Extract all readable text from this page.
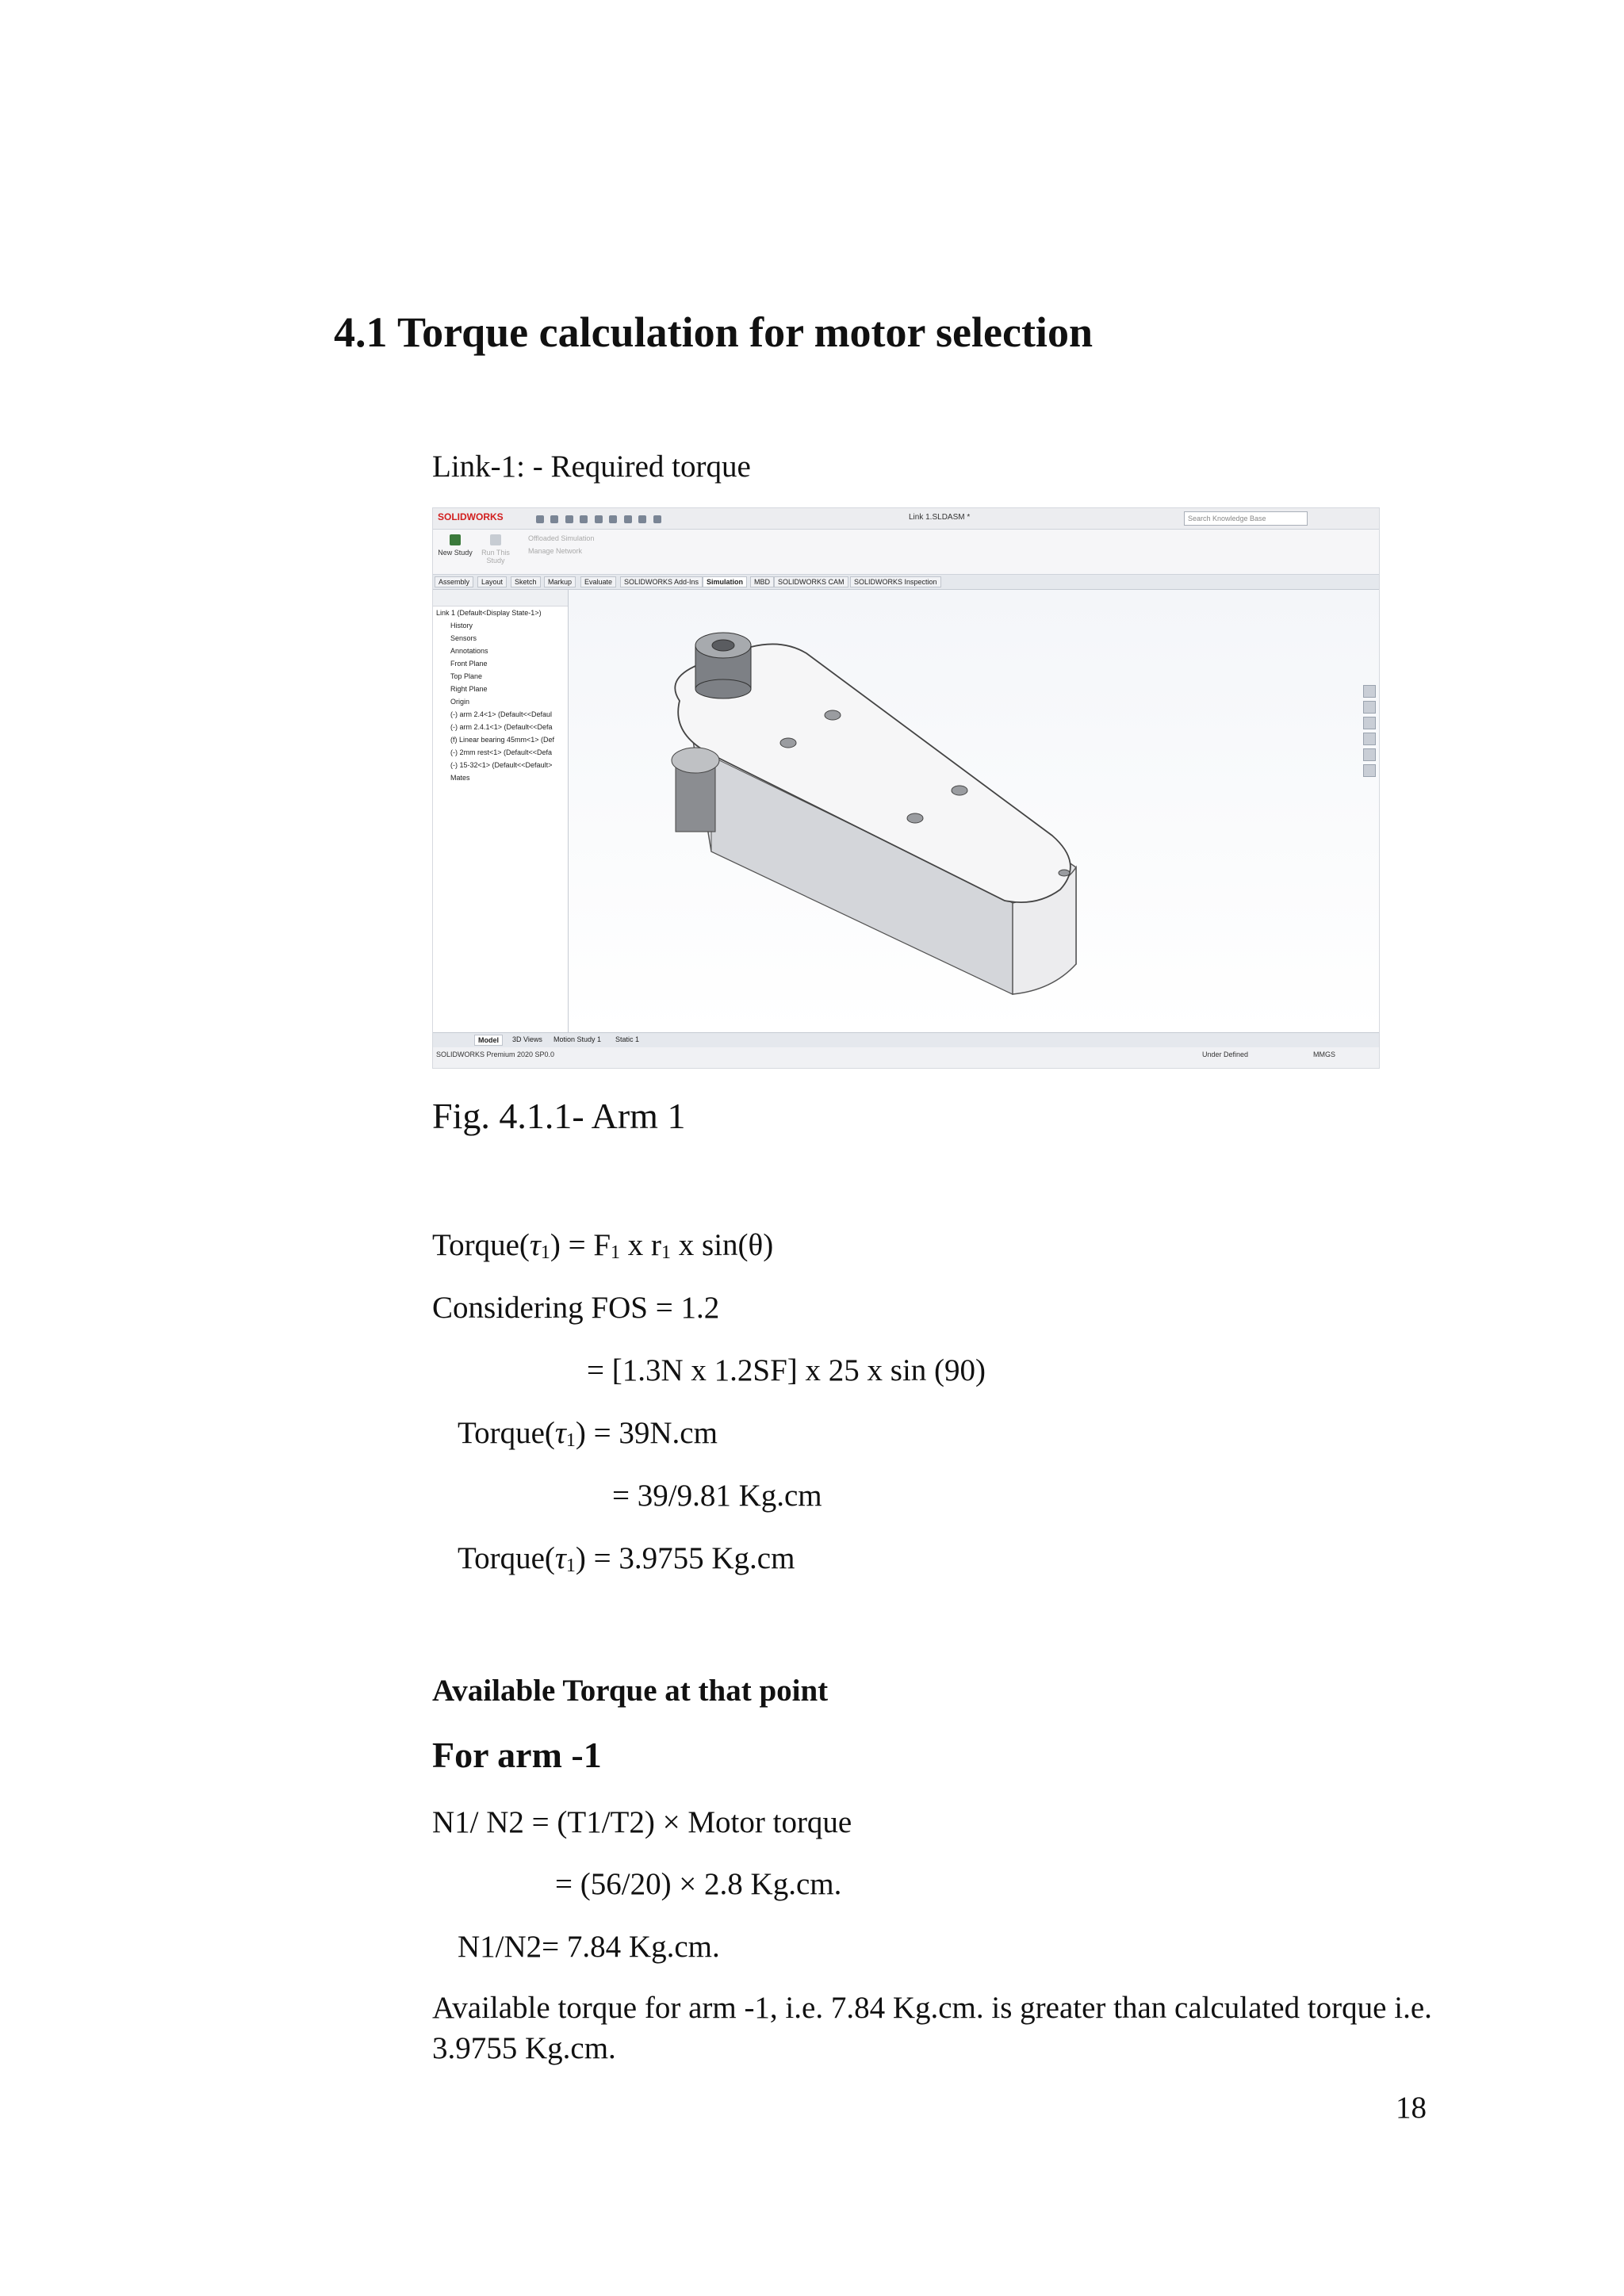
4.1 Torque calculation for motor selection
Link-1: - Required torque
SOLIDWORKS
	Link 1.SLDASM *	Search Knowledge Base
New Study	Run This Study
Offloaded Simulation
Manage Network
Assembly	Layout	Sketch	Markup	Evaluate	SOLIDWORKS Add-Ins	Simulation	MBD	SOLIDWORKS CAM	SOLIDWORKS Inspection
Link 1 (Default<Display State-1>)
History
Sensors
Annotations
Front Plane
Top Plane
Right Plane
Origin
(-) arm 2.4<1> (Default<<Defaul
(-) arm 2.4.1<1> (Default<<Defa
(f) Linear bearing 45mm<1> (Def
(-) 2mm rest<1> (Default<<Defa
(-) 15-32<1> (Default<<Default>
Mates
Model	3D Views	Motion Study 1	Static 1
SOLIDWORKS Premium 2020 SP0.0	Under Defined	MMGS
Fig. 4.1.1- Arm 1
$Torque(\tau_1) = F_1$ x $r_1$ x sin(θ)
Considering FOS = 1.2
= [1.3N x 1.2SF] x 25 x sin (90)
$Torque(\tau_1) = 39N.cm$
= 39/9.81 Kg.cm
$Torque(\tau_1) = 3.9755$ Kg.cm
Available Torque at that point
For arm -1
N1/ N2 = (T1/T2) × Motor torque
= (56/20) × 2.8 Kg.cm.
N1/N2= 7.84 Kg.cm.
Available torque for arm -1, i.e. 7.84 Kg.cm. is greater than calculated torque i.e. 3.9755 Kg.cm.
18
